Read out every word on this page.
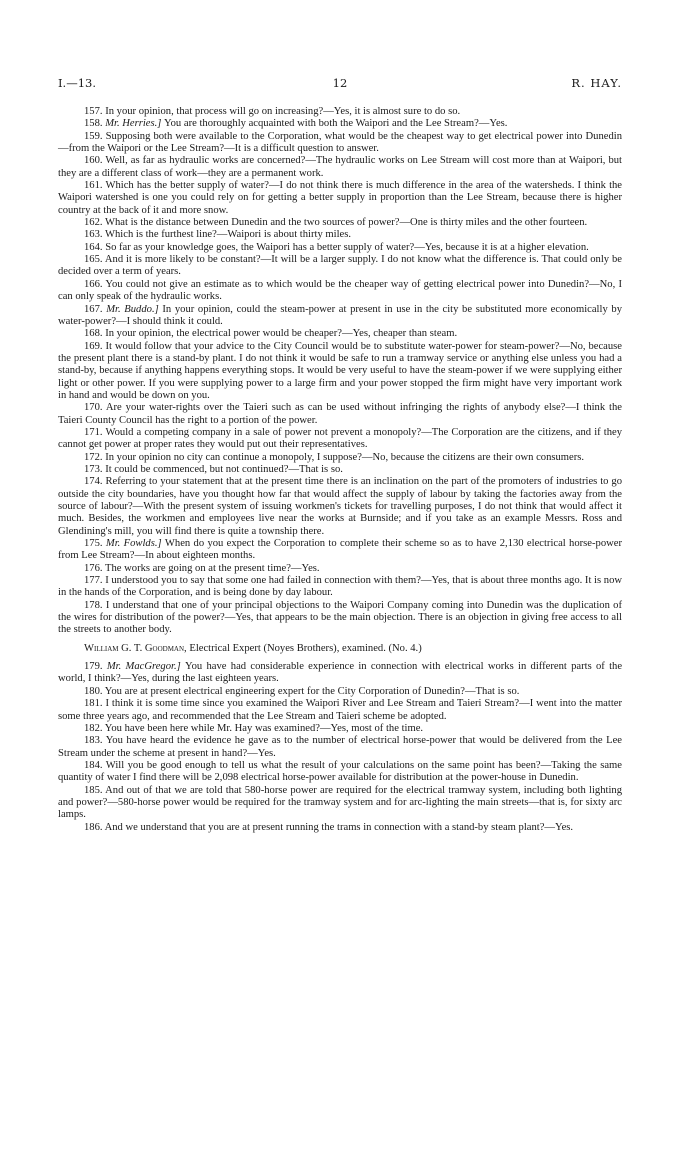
I.—13.	12	R. HAY.

157. In your opinion, that process will go on increasing?—Yes, it is almost sure to do so.

158. Mr. Herries.] You are thoroughly acquainted with both the Waipori and the Lee Stream?—Yes.

159. Supposing both were available to the Corporation, what would be the cheapest way to get electrical power into Dunedin—from the Waipori or the Lee Stream?—It is a difficult question to answer.

160. Well, as far as hydraulic works are concerned?—The hydraulic works on Lee Stream will cost more than at Waipori, but they are a different class of work—they are a permanent work.

161. Which has the better supply of water?—I do not think there is much difference in the area of the watersheds. I think the Waipori watershed is one you could rely on for getting a better supply in proportion than the Lee Stream, because there is higher country at the back of it and more snow.

162. What is the distance between Dunedin and the two sources of power?—One is thirty miles and the other fourteen.

163. Which is the furthest line?—Waipori is about thirty miles.

164. So far as your knowledge goes, the Waipori has a better supply of water?—Yes, because it is at a higher elevation.

165. And it is more likely to be constant?—It will be a larger supply. I do not know what the difference is. That could only be decided over a term of years.

166. You could not give an estimate as to which would be the cheaper way of getting electrical power into Dunedin?—No, I can only speak of the hydraulic works.

167. Mr. Buddo.] In your opinion, could the steam-power at present in use in the city be substituted more economically by water-power?—I should think it could.

168. In your opinion, the electrical power would be cheaper?—Yes, cheaper than steam.

169. It would follow that your advice to the City Council would be to substitute water-power for steam-power?—No, because the present plant there is a stand-by plant. I do not think it would be safe to run a tramway service or anything else unless you had a stand-by, because if anything happens everything stops. It would be very useful to have the steam-power if we were supplying either light or other power. If you were supplying power to a large firm and your power stopped the firm might have very important work in hand and would be down on you.

170. Are your water-rights over the Taieri such as can be used without infringing the rights of anybody else?—I think the Taieri County Council has the right to a portion of the power.

171. Would a competing company in a sale of power not prevent a monopoly?—The Corporation are the citizens, and if they cannot get power at proper rates they would put out their representatives.

172. In your opinion no city can continue a monopoly, I suppose?—No, because the citizens are their own consumers.

173. It could be commenced, but not continued?—That is so.

174. Referring to your statement that at the present time there is an inclination on the part of the promoters of industries to go outside the city boundaries, have you thought how far that would affect the supply of labour by taking the factories away from the source of labour?—With the present system of issuing workmen's tickets for travelling purposes, I do not think that would affect it much. Besides, the workmen and employees live near the works at Burnside; and if you take as an example Messrs. Ross and Glendining's mill, you will find there is quite a township there.

175. Mr. Fowlds.] When do you expect the Corporation to complete their scheme so as to have 2,130 electrical horse-power from Lee Stream?—In about eighteen months.

176. The works are going on at the present time?—Yes.

177. I understood you to say that some one had failed in connection with them?—Yes, that is about three months ago. It is now in the hands of the Corporation, and is being done by day labour.

178. I understand that one of your principal objections to the Waipori Company coming into Dunedin was the duplication of the wires for distribution of the power?—Yes, that appears to be the main objection. There is an objection in giving free access to all the streets to another body.

William G. T. Goodman, Electrical Expert (Noyes Brothers), examined. (No. 4.)

179. Mr. MacGregor.] You have had considerable experience in connection with electrical works in different parts of the world, I think?—Yes, during the last eighteen years.

180. You are at present electrical engineering expert for the City Corporation of Dunedin?—That is so.

181. I think it is some time since you examined the Waipori River and Lee Stream and Taieri Stream?—I went into the matter some three years ago, and recommended that the Lee Stream and Taieri scheme be adopted.

182. You have been here while Mr. Hay was examined?—Yes, most of the time.

183. You have heard the evidence he gave as to the number of electrical horse-power that would be delivered from the Lee Stream under the scheme at present in hand?—Yes.

184. Will you be good enough to tell us what the result of your calculations on the same point has been?—Taking the same quantity of water I find there will be 2,098 electrical horse-power available for distribution at the power-house in Dunedin.

185. And out of that we are told that 580-horse power are required for the electrical tramway system, including both lighting and power?—580-horse power would be required for the tramway system and for arc-lighting the main streets—that is, for sixty arc lamps.

186. And we understand that you are at present running the trams in connection with a stand-by steam plant?—Yes.
